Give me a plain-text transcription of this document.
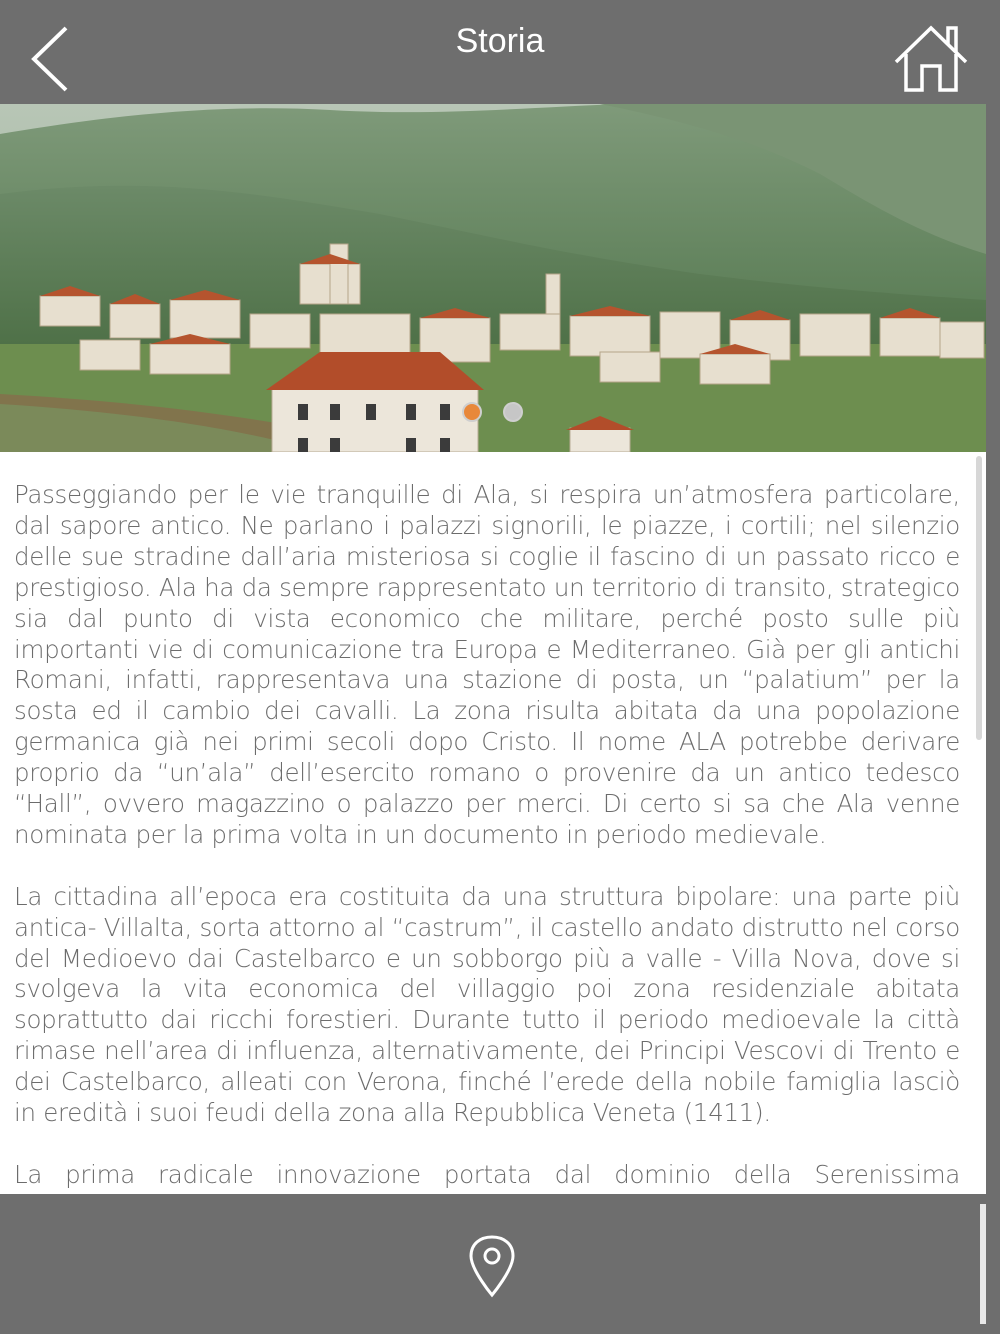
Storia

Passeggiando per le vie tranquille di Ala, si respira un’atmosfera particolare, dal sapore antico. Ne parlano i palazzi signorili, le piazze, i cortili; nel silenzio delle sue stradine dall’aria misteriosa si coglie il fascino di un passato ricco e prestigioso. Ala ha da sempre rappresentato un territorio di transito, strategico sia dal punto di vista economico che militare, perché posto sulle più importanti vie di comunicazione tra Europa e Mediterraneo. Già per gli antichi Romani, infatti, rappresentava una stazione di posta, un “palatium” per la sosta ed il cambio dei cavalli. La zona risulta abitata da una popolazione germanica già nei primi secoli dopo Cristo. Il nome ALA potrebbe derivare proprio da “un’ala” dell’esercito romano o provenire da un antico tedesco “Hall”, ovvero magazzino o palazzo per merci. Di certo si sa che Ala venne nominata per la prima volta in un documento in periodo medievale.

La cittadina all’epoca era costituita da una struttura bipolare: una parte più antica- Villalta, sorta attorno al “castrum”, il castello andato distrutto nel corso del Medioevo dai Castelbarco e un sobborgo più a valle - Villa Nova, dove si svolgeva la vita economica del villaggio poi zona residenziale abitata soprattutto dai ricchi forestieri. Durante tutto il periodo medioevale la città rimase nell’area di influenza, alternativamente, dei Principi Vescovi di Trento e dei Castelbarco, alleati con Verona, finché l’erede della nobile famiglia lasciò in eredità i suoi feudi della zona alla Repubblica Veneta (1411).

La prima radicale innovazione portata dal dominio della Serenissima
